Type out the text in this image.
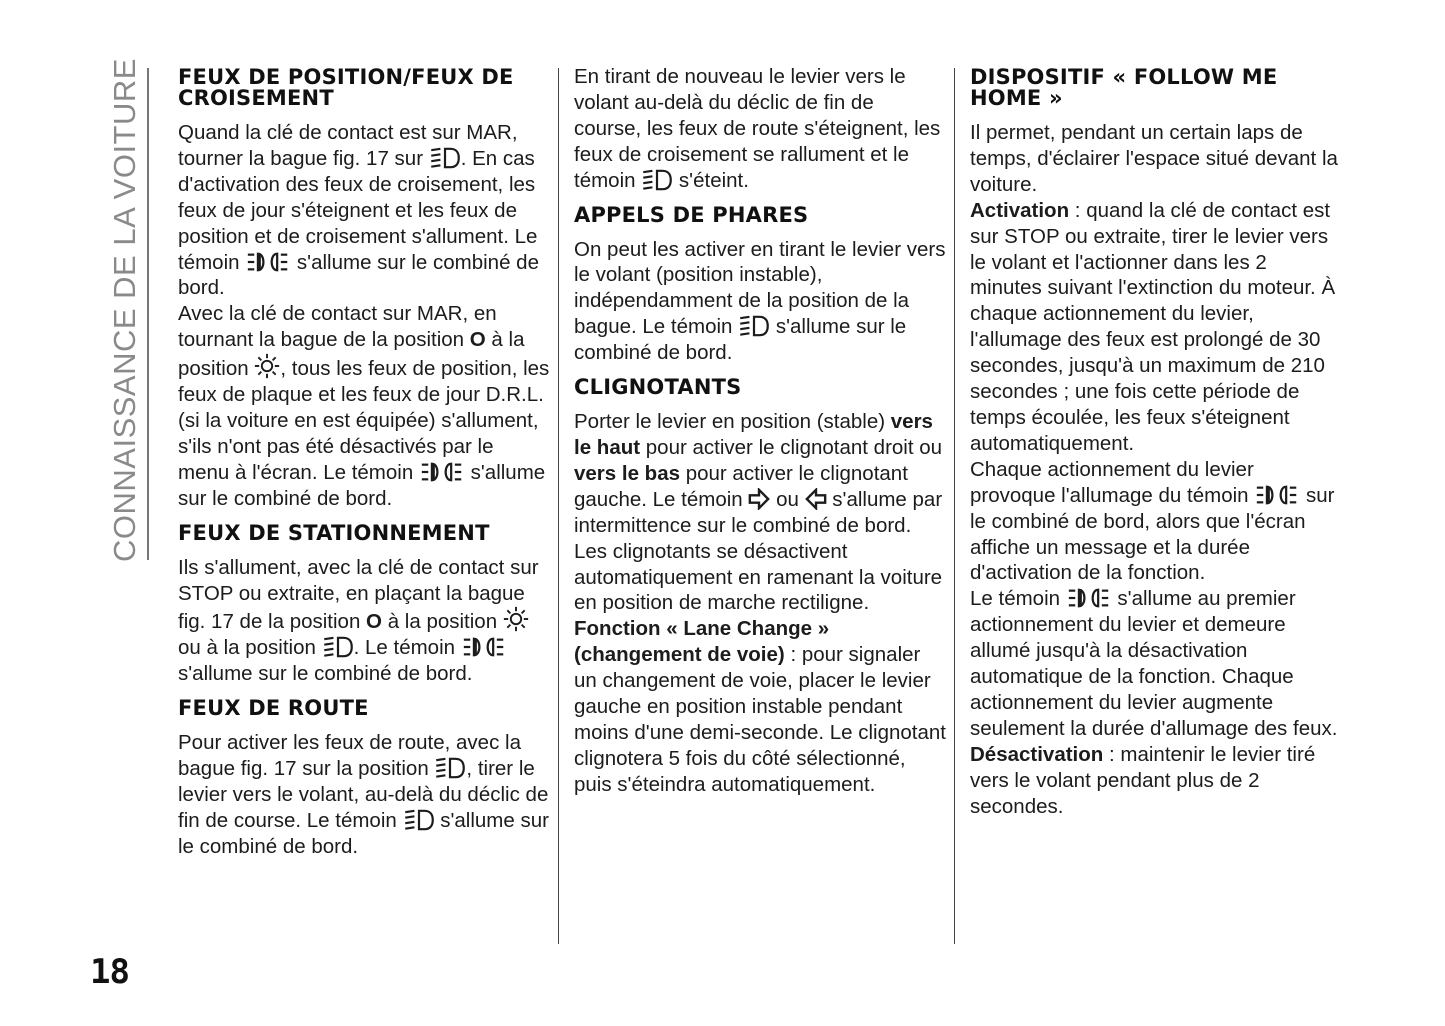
CONNAISSANCE DE LA VOITURE
18
FEUX DE POSITION/FEUX DE CROISEMENT

Quand la clé de contact est sur MAR, tourner la bague fig. 17 sur
. En cas d'activation des feux de croisement, les feux de jour s'éteignent et les feux de position et de croisement s'allument. Le témoin
s'allume sur le combiné de bord.

Avec la clé de contact sur MAR, en tournant la bague de la position O à la position
, tous les feux de position, les feux de plaque et les feux de jour D.R.L. (si la voiture en est équipée) s'allument, s'ils n'ont pas été désactivés par le menu à l'écran. Le témoin
s'allume sur le combiné de bord.

FEUX DE STATIONNEMENT

Ils s'allument, avec la clé de contact sur STOP ou extraite, en plaçant la bague fig. 17 de la position O à la position
ou à la position
. Le témoin
s'allume sur le combiné de bord.

FEUX DE ROUTE

Pour activer les feux de route, avec la bague fig. 17 sur la position
, tirer le levier vers le volant, au-delà du déclic de fin de course. Le témoin
s'allume sur le combiné de bord.

En tirant de nouveau le levier vers le volant au-delà du déclic de fin de course, les feux de route s'éteignent, les feux de croisement se rallument et le témoin
s'éteint.

APPELS DE PHARES

On peut les activer en tirant le levier vers le volant (position instable), indépendamment de la position de la bague. Le témoin
s'allume sur le combiné de bord.

CLIGNOTANTS

Porter le levier en position (stable) vers le haut pour activer le clignotant droit ou vers le bas pour activer le clignotant gauche. Le témoin
ou
s'allume par intermittence sur le combiné de bord.

Les clignotants se désactivent automatiquement en ramenant la voiture en position de marche rectiligne.

Fonction « Lane Change » (changement de voie) : pour signaler un changement de voie, placer le levier gauche en position instable pendant moins d'une demi-seconde. Le clignotant clignotera 5 fois du côté sélectionné, puis s'éteindra automatiquement.

DISPOSITIF « FOLLOW ME HOME »

Il permet, pendant un certain laps de temps, d'éclairer l'espace situé devant la voiture.

Activation : quand la clé de contact est sur STOP ou extraite, tirer le levier vers le volant et l'actionner dans les 2 minutes suivant l'extinction du moteur. À chaque actionnement du levier, l'allumage des feux est prolongé de 30 secondes, jusqu'à un maximum de 210 secondes ; une fois cette période de temps écoulée, les feux s'éteignent automatiquement.

Chaque actionnement du levier provoque l'allumage du témoin
sur le combiné de bord, alors que l'écran affiche un message et la durée d'activation de la fonction.

Le témoin
s'allume au premier actionnement du levier et demeure allumé jusqu'à la désactivation automatique de la fonction. Chaque actionnement du levier augmente seulement la durée d'allumage des feux.

Désactivation : maintenir le levier tiré vers le volant pendant plus de 2 secondes.
